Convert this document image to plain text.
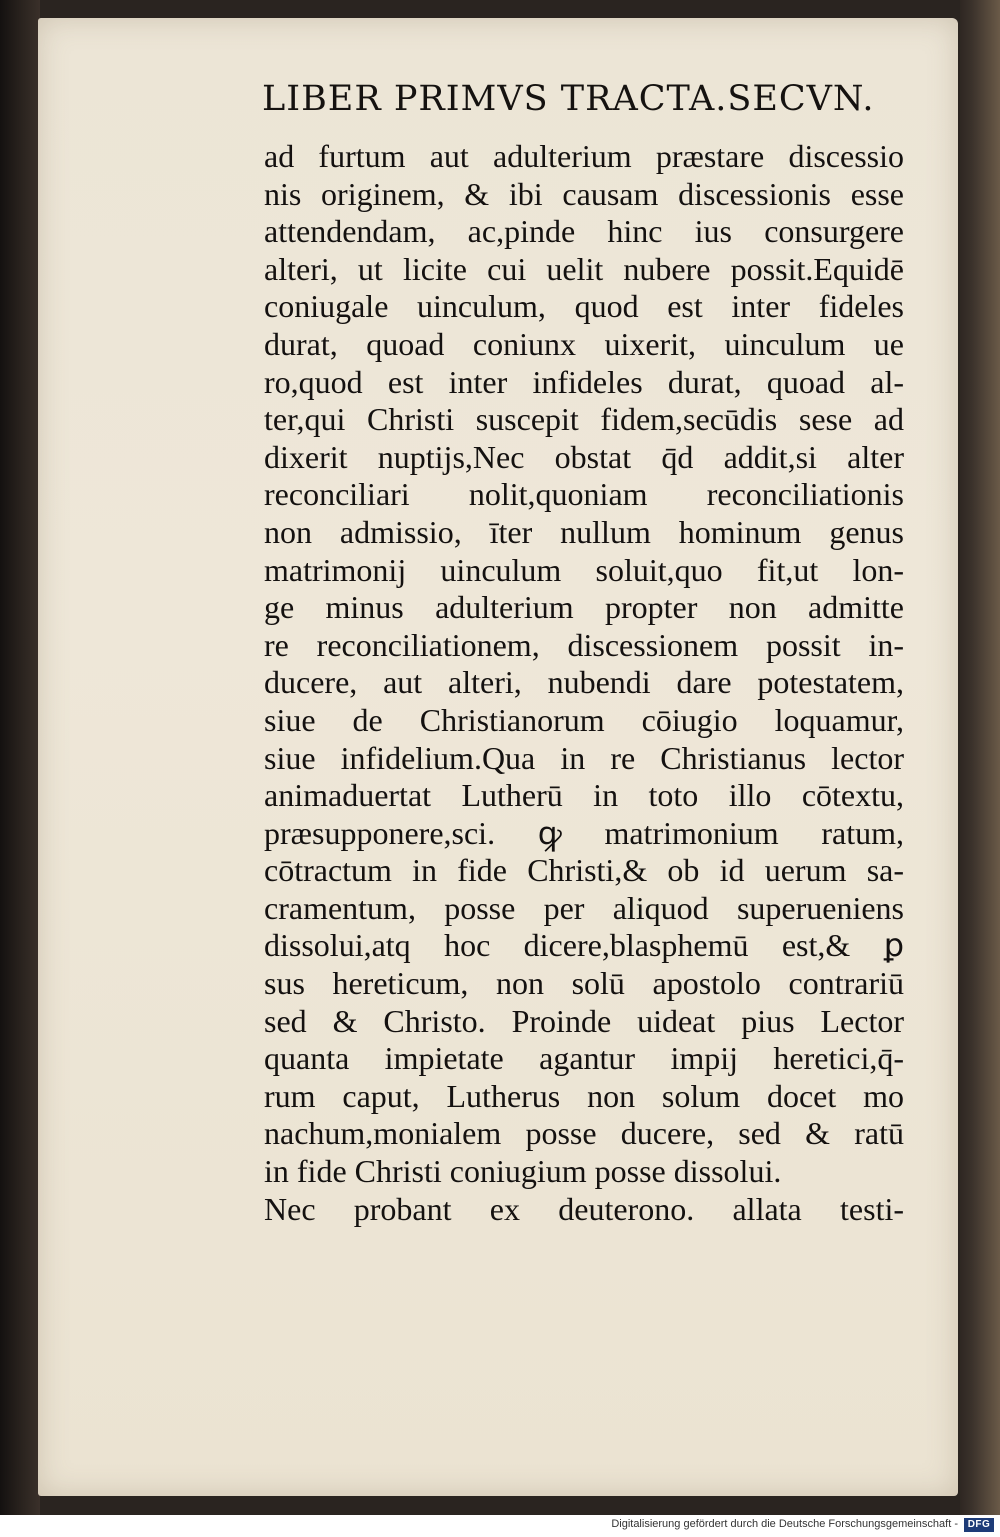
LIBER PRIMVS TRACTA.SECVN.
ad furtum aut adulterium præstare discessio
nis originem, & ibi causam discessionis esse
attendendam, ac,pinde hinc ius consurgere
alteri, ut licite cui uelit nubere possit.Equidē
coniugale uinculum, quod est inter fideles
durat, quoad coniunx uixerit, uinculum ue
ro,quod est inter infideles durat, quoad al-
ter,qui Christi suscepit fidem,secūdis sese ad
dixerit nuptijs,Nec obstat q̄d addit,si alter
reconciliari nolit,quoniam reconciliationis
non admissio, īter nullum hominum genus
matrimonij uinculum soluit,quo fit,ut lon-
ge minus adulterium propter non admitte
re reconciliationem, discessionem possit in-
ducere, aut alteri, nubendi dare potestatem,
siue de Christianorum cōiugio loquamur,
siue infidelium.Qua in re Christianus lector
animaduertat Lutherū in toto illo cōtextu,
præsupponere,sci. ꝙ matrimonium ratum,
cōtractum in fide Christi,& ob id uerum sa-
cramentum, posse per aliquod superueniens
dissolui,atq hoc dicere,blasphemū est,& ꝑ
sus hereticum, non solū apostolo contrariū
sed & Christo. Proinde uideat pius Lector
quanta impietate agantur impij heretici,q̄-
rum caput, Lutherus non solum docet mo
nachum,monialem posse ducere, sed & ratū
in fide Christi coniugium posse dissolui.
Nec probant ex deuterono. allata testi-
Digitalisierung gefördert durch die Deutsche Forschungsgemeinschaft - DFG
